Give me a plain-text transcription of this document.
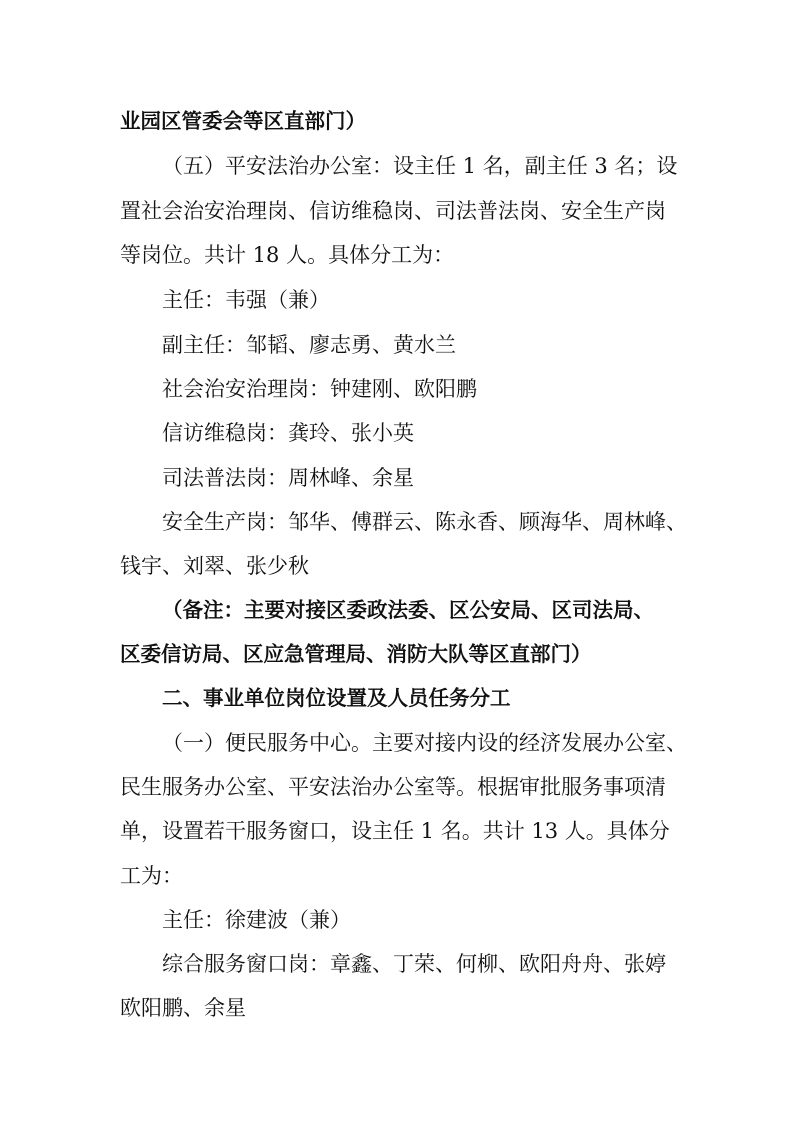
业园区管委会等区直部门）
（五）平安法治办公室：设主任 1 名，副主任 3 名；设
置社会治安治理岗、信访维稳岗、司法普法岗、安全生产岗
等岗位。共计 18 人。具体分工为：
主任：韦强（兼）
副主任：邹韬、廖志勇、黄水兰
社会治安治理岗：钟建刚、欧阳鹏
信访维稳岗：龚玲、张小英
司法普法岗：周林峰、余星
安全生产岗：邹华、傅群云、陈永香、顾海华、周林峰、
钱宇、刘翠、张少秋
（备注：主要对接区委政法委、区公安局、区司法局、
区委信访局、区应急管理局、消防大队等区直部门）
二、事业单位岗位设置及人员任务分工
（一）便民服务中心。主要对接内设的经济发展办公室、
民生服务办公室、平安法治办公室等。根据审批服务事项清
单，设置若干服务窗口，设主任 1 名。共计 13 人。具体分
工为：
主任：徐建波（兼）
综合服务窗口岗：章鑫、丁荣、何柳、欧阳舟舟、张婷
欧阳鹏、余星
